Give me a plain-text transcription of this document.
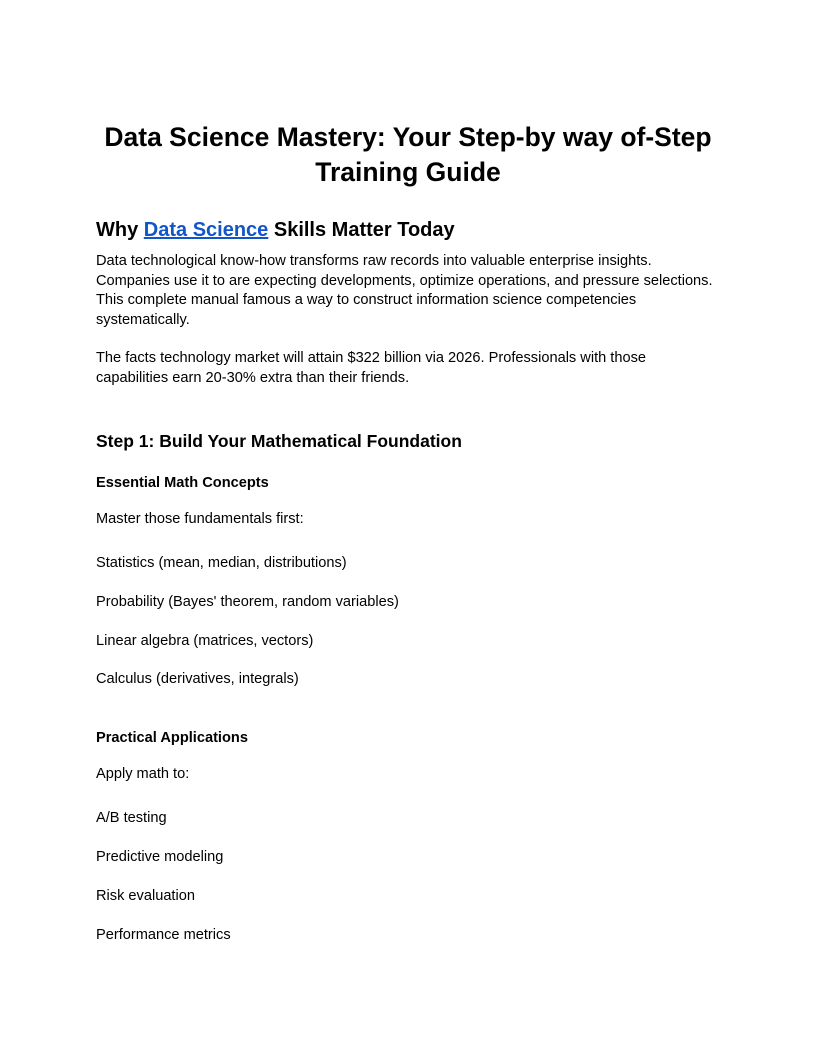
Data Science Mastery: Your Step-by way of-Step Training Guide
Why Data Science Skills Matter Today

Data technological know-how transforms raw records into valuable enterprise insights. Companies use it to are expecting developments, optimize operations, and pressure selections. This complete manual famous a way to construct information science competencies systematically.

The facts technology market will attain $322 billion via 2026. Professionals with those capabilities earn 20-30% extra than their friends.

Step 1: Build Your Mathematical Foundation
Essential Math Concepts

Master those fundamentals first:

Statistics (mean, median, distributions)

Probability (Bayes' theorem, random variables)

Linear algebra (matrices, vectors)

Calculus (derivatives, integrals)

Practical Applications

Apply math to:

A/B testing

Predictive modeling

Risk evaluation

Performance metrics
